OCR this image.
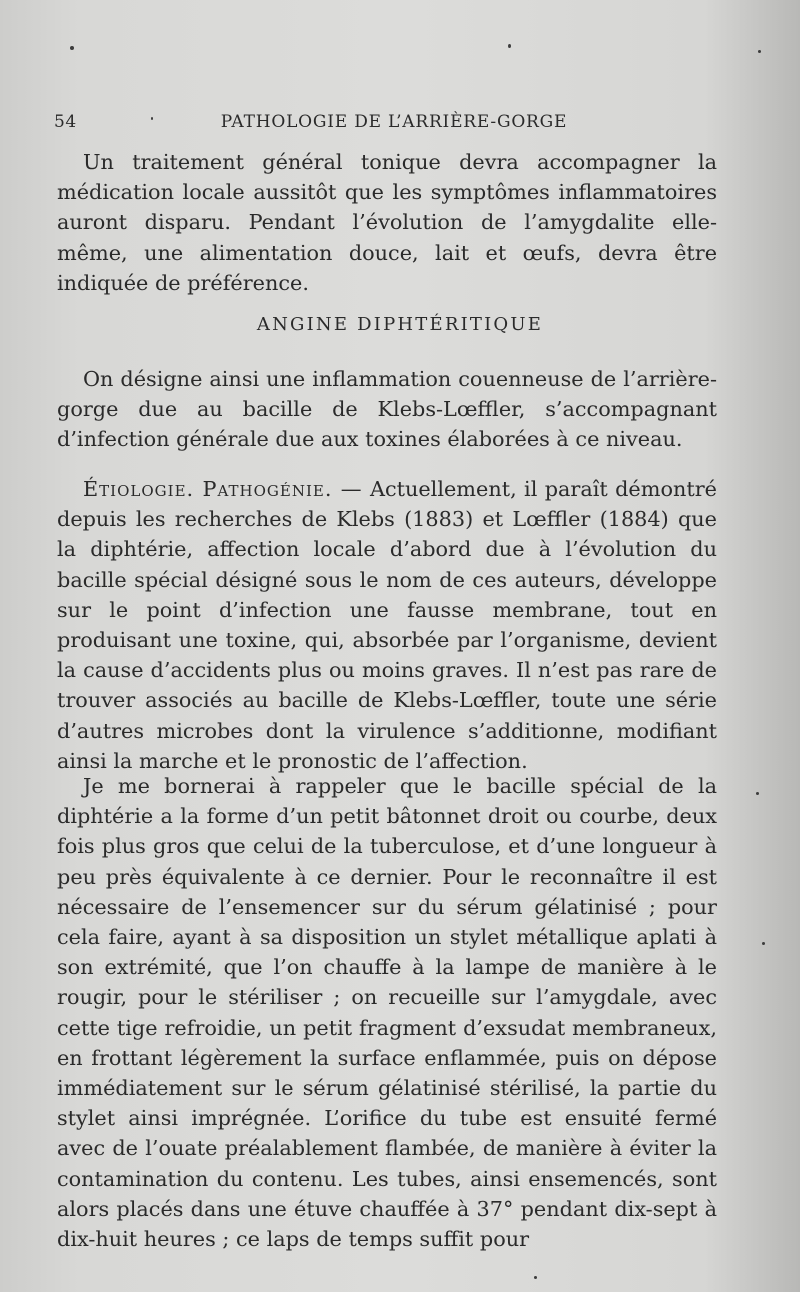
54	PATHOLOGIE DE L’ARRIÈRE-GORGE

Un traitement général tonique devra accompagner la médication locale aussitôt que les symptômes inflammatoires auront disparu. Pendant l’évolution de l’amygdalite elle-même, une alimentation douce, lait et œufs, devra être indiquée de préférence.

ANGINE DIPHTÉRITIQUE

On désigne ainsi une inflammation couenneuse de l’arrière-gorge due au bacille de Klebs-Lœffler, s’accompagnant d’infection générale due aux toxines élaborées à ce niveau.

Étiologie. Pathogénie. — Actuellement, il paraît démontré depuis les recherches de Klebs (1883) et Lœffler (1884) que la diphtérie, affection locale d’abord due à l’évolution du bacille spécial désigné sous le nom de ces auteurs, développe sur le point d’infection une fausse membrane, tout en produisant une toxine, qui, absorbée par l’organisme, devient la cause d’accidents plus ou moins graves. Il n’est pas rare de trouver associés au bacille de Klebs-Lœffler, toute une série d’autres microbes dont la virulence s’additionne, modifiant ainsi la marche et le pronostic de l’affection.

Je me bornerai à rappeler que le bacille spécial de la diphtérie a la forme d’un petit bâtonnet droit ou courbe, deux fois plus gros que celui de la tuberculose, et d’une longueur à peu près équivalente à ce dernier. Pour le reconnaître il est nécessaire de l’ensemencer sur du sérum gélatinisé ; pour cela faire, ayant à sa disposition un stylet métallique aplati à son extrémité, que l’on chauffe à la lampe de manière à le rougir, pour le stériliser ; on recueille sur l’amygdale, avec cette tige refroidie, un petit fragment d’exsudat membraneux, en frottant légèrement la surface enflammée, puis on dépose immédiatement sur le sérum gélatinisé stérilisé, la partie du stylet ainsi imprégnée. L’orifice du tube est ensuité fermé avec de l’ouate préalablement flambée, de manière à éviter la contamination du contenu. Les tubes, ainsi ensemencés, sont alors placés dans une étuve chauffée à 37° pendant dix-sept à dix-huit heures ; ce laps de temps suffit pour
